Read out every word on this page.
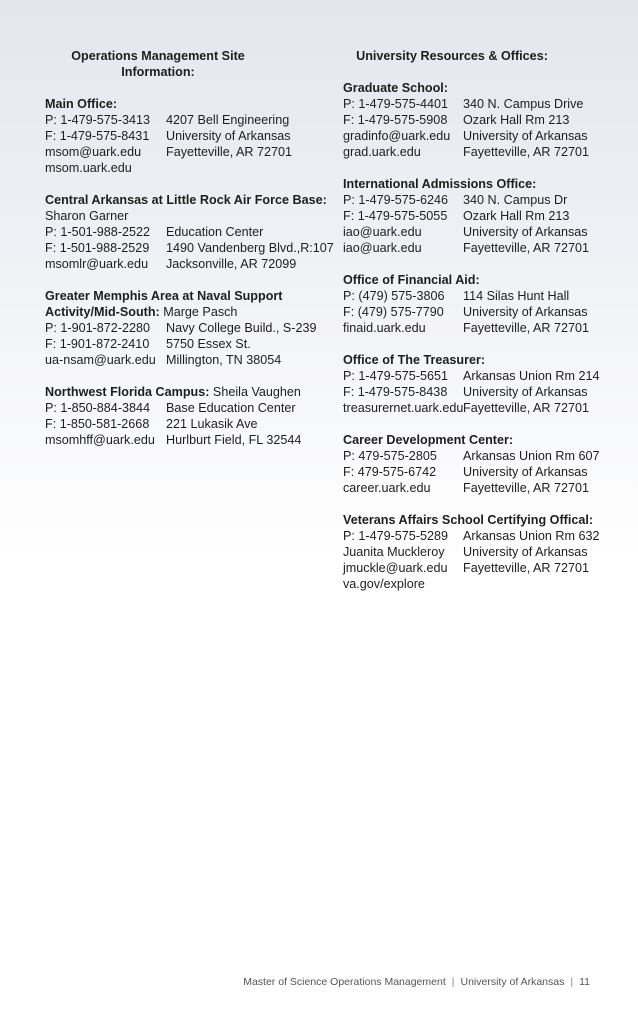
Operations Management Site Information:
Main Office:
P: 1-479-575-3413	4207 Bell Engineering
F: 1-479-575-8431	University of Arkansas
msom@uark.edu	Fayetteville, AR 72701
msom.uark.edu
Central Arkansas at Little Rock Air Force Base:
Sharon Garner
P: 1-501-988-2522	Education Center
F: 1-501-988-2529	1490 Vandenberg Blvd.,R:107
msomlr@uark.edu	Jacksonville, AR 72099
Greater Memphis Area at Naval Support
Activity/Mid-South: Marge Pasch
P: 1-901-872-2280	Navy College Build., S-239
F: 1-901-872-2410	5750 Essex St.
ua-nsam@uark.edu Millington, TN 38054
Northwest Florida Campus: Sheila Vaughen
P: 1-850-884-3844	Base Education Center
F: 1-850-581-2668	221 Lukasik Ave
msomhff@uark.edu Hurlburt Field, FL 32544
University Resources & Offices:
Graduate School:
P: 1-479-575-4401	340 N. Campus Drive
F: 1-479-575-5908	Ozark Hall Rm 213
gradinfo@uark.edu	University of Arkansas
grad.uark.edu	Fayetteville, AR 72701
International Admissions Office:
P: 1-479-575-6246	340 N. Campus Dr
F: 1-479-575-5055	Ozark Hall Rm 213
iao@uark.edu	University of Arkansas
iao@uark.edu	Fayetteville, AR 72701
Office of Financial Aid:
P: (479) 575-3806	114 Silas Hunt Hall
F: (479) 575-7790	University of Arkansas
finaid.uark.edu	Fayetteville, AR 72701
Office of The Treasurer:
P: 1-479-575-5651	Arkansas Union Rm 214
F: 1-479-575-8438	University of Arkansas
treasurernet.uark.edu Fayetteville, AR 72701
Career Development Center:
P: 479-575-2805	Arkansas Union Rm 607
F: 479-575-6742	University of Arkansas
career.uark.edu	Fayetteville, AR 72701
Veterans Affairs School Certifying Offical:
P: 1-479-575-5289	Arkansas Union Rm 632
Juanita Muckleroy	University of Arkansas
jmuckle@uark.edu	Fayetteville, AR 72701
va.gov/explore
Master of Science Operations Management | University of Arkansas | 11
